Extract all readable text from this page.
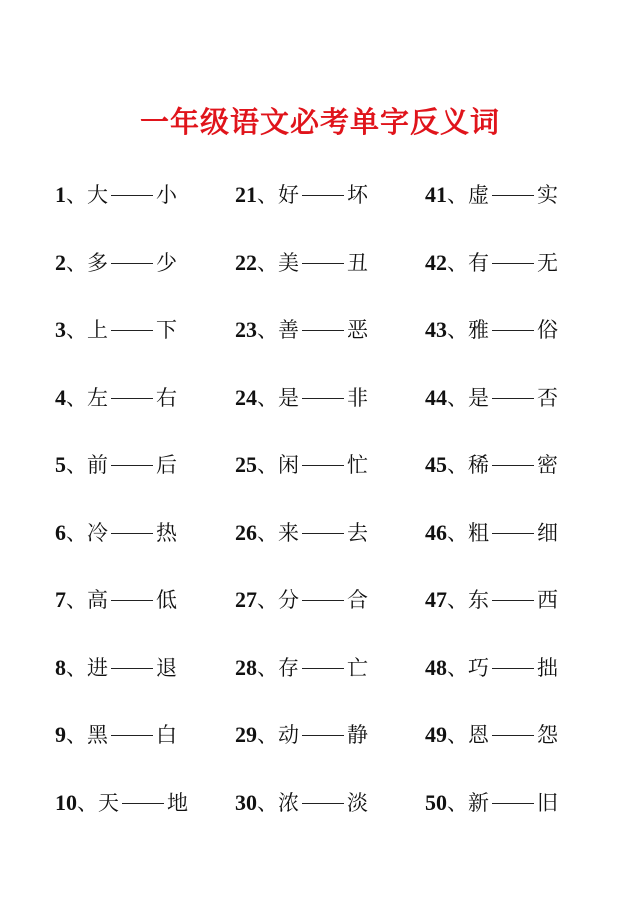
一年级语文必考单字反义词
1、大 小
2、多 少
3、上 下
4、左 右
5、前 后
6、冷 热
7、高 低
8、进 退
9、黑 白
10、天 地
21、好 坏
22、美 丑
23、善 恶
24、是 非
25、闲 忙
26、来 去
27、分 合
28、存 亡
29、动 静
30、浓 淡
41、虚 实
42、有 无
43、雅 俗
44、是 否
45、稀 密
46、粗 细
47、东 西
48、巧 拙
49、恩 怨
50、新 旧
